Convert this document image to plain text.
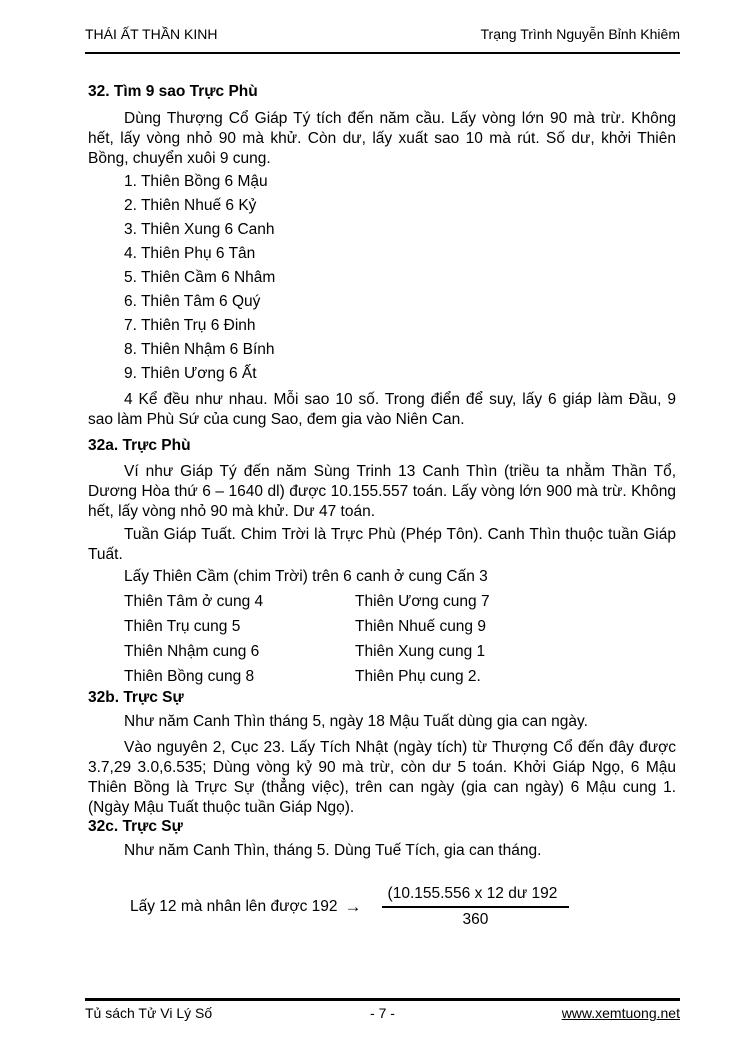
THÁI ẤT THẦN KINH	Trạng Trình Nguyễn Bỉnh Khiêm
32. Tìm 9 sao Trực Phù

Dùng Thượng Cổ Giáp Tý tích đến năm cầu. Lấy vòng lớn 90 mà trừ. Không hết, lấy vòng nhỏ 90 mà khử. Còn dư, lấy xuất sao 10 mà rút. Số dư, khởi Thiên Bồng, chuyển xuôi 9 cung.

1. Thiên Bồng 6 Mậu
2. Thiên Nhuế 6 Kỷ
3. Thiên Xung 6 Canh
4. Thiên Phụ 6 Tân
5. Thiên Cầm 6 Nhâm
6. Thiên Tâm 6 Quý
7. Thiên Trụ 6 Đinh
8. Thiên Nhậm 6 Bính
9. Thiên Ương 6 Ất

4 Kể đều như nhau. Mỗi sao 10 số. Trong điển để suy, lấy 6 giáp làm Đầu, 9 sao làm Phù Sứ của cung Sao, đem gia vào Niên Can.

32a. Trực Phù

Ví như Giáp Tý đến năm Sùng Trinh 13 Canh Thìn (triều ta nhằm Thần Tổ, Dương Hòa thứ 6 – 1640 dl) được 10.155.557 toán. Lấy vòng lớn 900 mà trừ. Không hết, lấy vòng nhỏ 90 mà khử. Dư 47 toán.

Tuần Giáp Tuất. Chim Trời là Trực Phù (Phép Tôn). Canh Thìn thuộc tuần Giáp Tuất.

Lấy Thiên Cầm (chim Trời) trên 6 canh ở cung Cấn 3
Thiên Tâm ở cung 4	Thiên Ương cung 7
Thiên Trụ cung 5	Thiên Nhuế cung 9
Thiên Nhậm cung 6	Thiên Xung cung 1
Thiên Bồng cung 8	Thiên Phụ cung 2.
32b. Trực Sự

Như năm Canh Thìn tháng 5, ngày 18 Mậu Tuất dùng gia can ngày.

Vào nguyên 2, Cục 23. Lấy Tích Nhật (ngày tích) từ Thượng Cổ đến đây được 3.7,29 3.0,6.535; Dùng vòng kỷ 90 mà trừ, còn dư 5 toán. Khởi Giáp Ngọ, 6 Mậu Thiên Bồng là Trực Sự (thẳng việc), trên can ngày (gia can ngày) 6 Mậu cung 1. (Ngày Mậu Tuất thuộc tuần Giáp Ngọ).

32c. Trực Sự

Như năm Canh Thìn, tháng 5. Dùng Tuế Tích, gia can tháng.

Lấy 12 mà nhân lên được $192 \to \frac{(10.155.556 x 12 dư 192}{360}$
Tủ sách Tử Vi Lý Số	- 7 -	www.xemtuong.net
